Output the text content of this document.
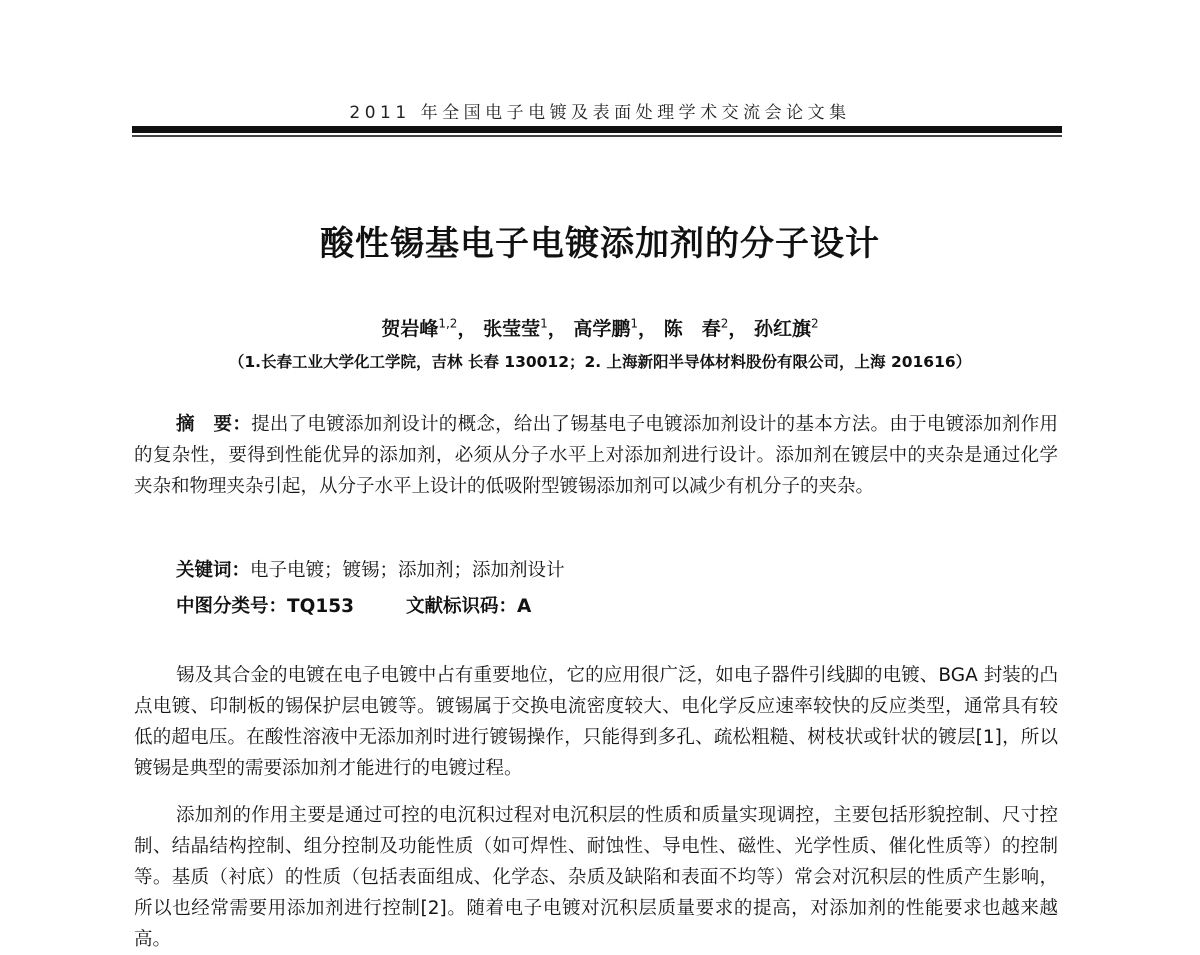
2011 年全国电子电镀及表面处理学术交流会论文集
酸性锡基电子电镀添加剂的分子设计
贺岩峰$^{1,2}$， 张莹莹$^1$， 高学鹏$^1$， 陈　春$^2$， 孙红旗$^2$
（1.长春工业大学化工学院，吉林 长春 130012；2. 上海新阳半导体材料股份有限公司，上海 201616）

摘　要：提出了电镀添加剂设计的概念，给出了锡基电子电镀添加剂设计的基本方法。由于电镀添加剂作用的复杂性，要得到性能优异的添加剂，必须从分子水平上对添加剂进行设计。添加剂在镀层中的夹杂是通过化学夹杂和物理夹杂引起，从分子水平上设计的低吸附型镀锡添加剂可以减少有机分子的夹杂。

关键词：电子电镀；镀锡；添加剂；添加剂设计
中图分类号：TQ153	文献标识码：A

锡及其合金的电镀在电子电镀中占有重要地位，它的应用很广泛，如电子器件引线脚的电镀、BGA 封装的凸点电镀、印制板的锡保护层电镀等。镀锡属于交换电流密度较大、电化学反应速率较快的反应类型，通常具有较低的超电压。在酸性溶液中无添加剂时进行镀锡操作，只能得到多孔、疏松粗糙、树枝状或针状的镀层[1]，所以镀锡是典型的需要添加剂才能进行的电镀过程。

添加剂的作用主要是通过可控的电沉积过程对电沉积层的性质和质量实现调控，主要包括形貌控制、尺寸控制、结晶结构控制、组分控制及功能性质（如可焊性、耐蚀性、导电性、磁性、光学性质、催化性质等）的控制等。基质（衬底）的性质（包括表面组成、化学态、杂质及缺陷和表面不均等）常会对沉积层的性质产生影响，所以也经常需要用添加剂进行控制[2]。随着电子电镀对沉积层质量要求的提高，对添加剂的性能要求也越来越高。
